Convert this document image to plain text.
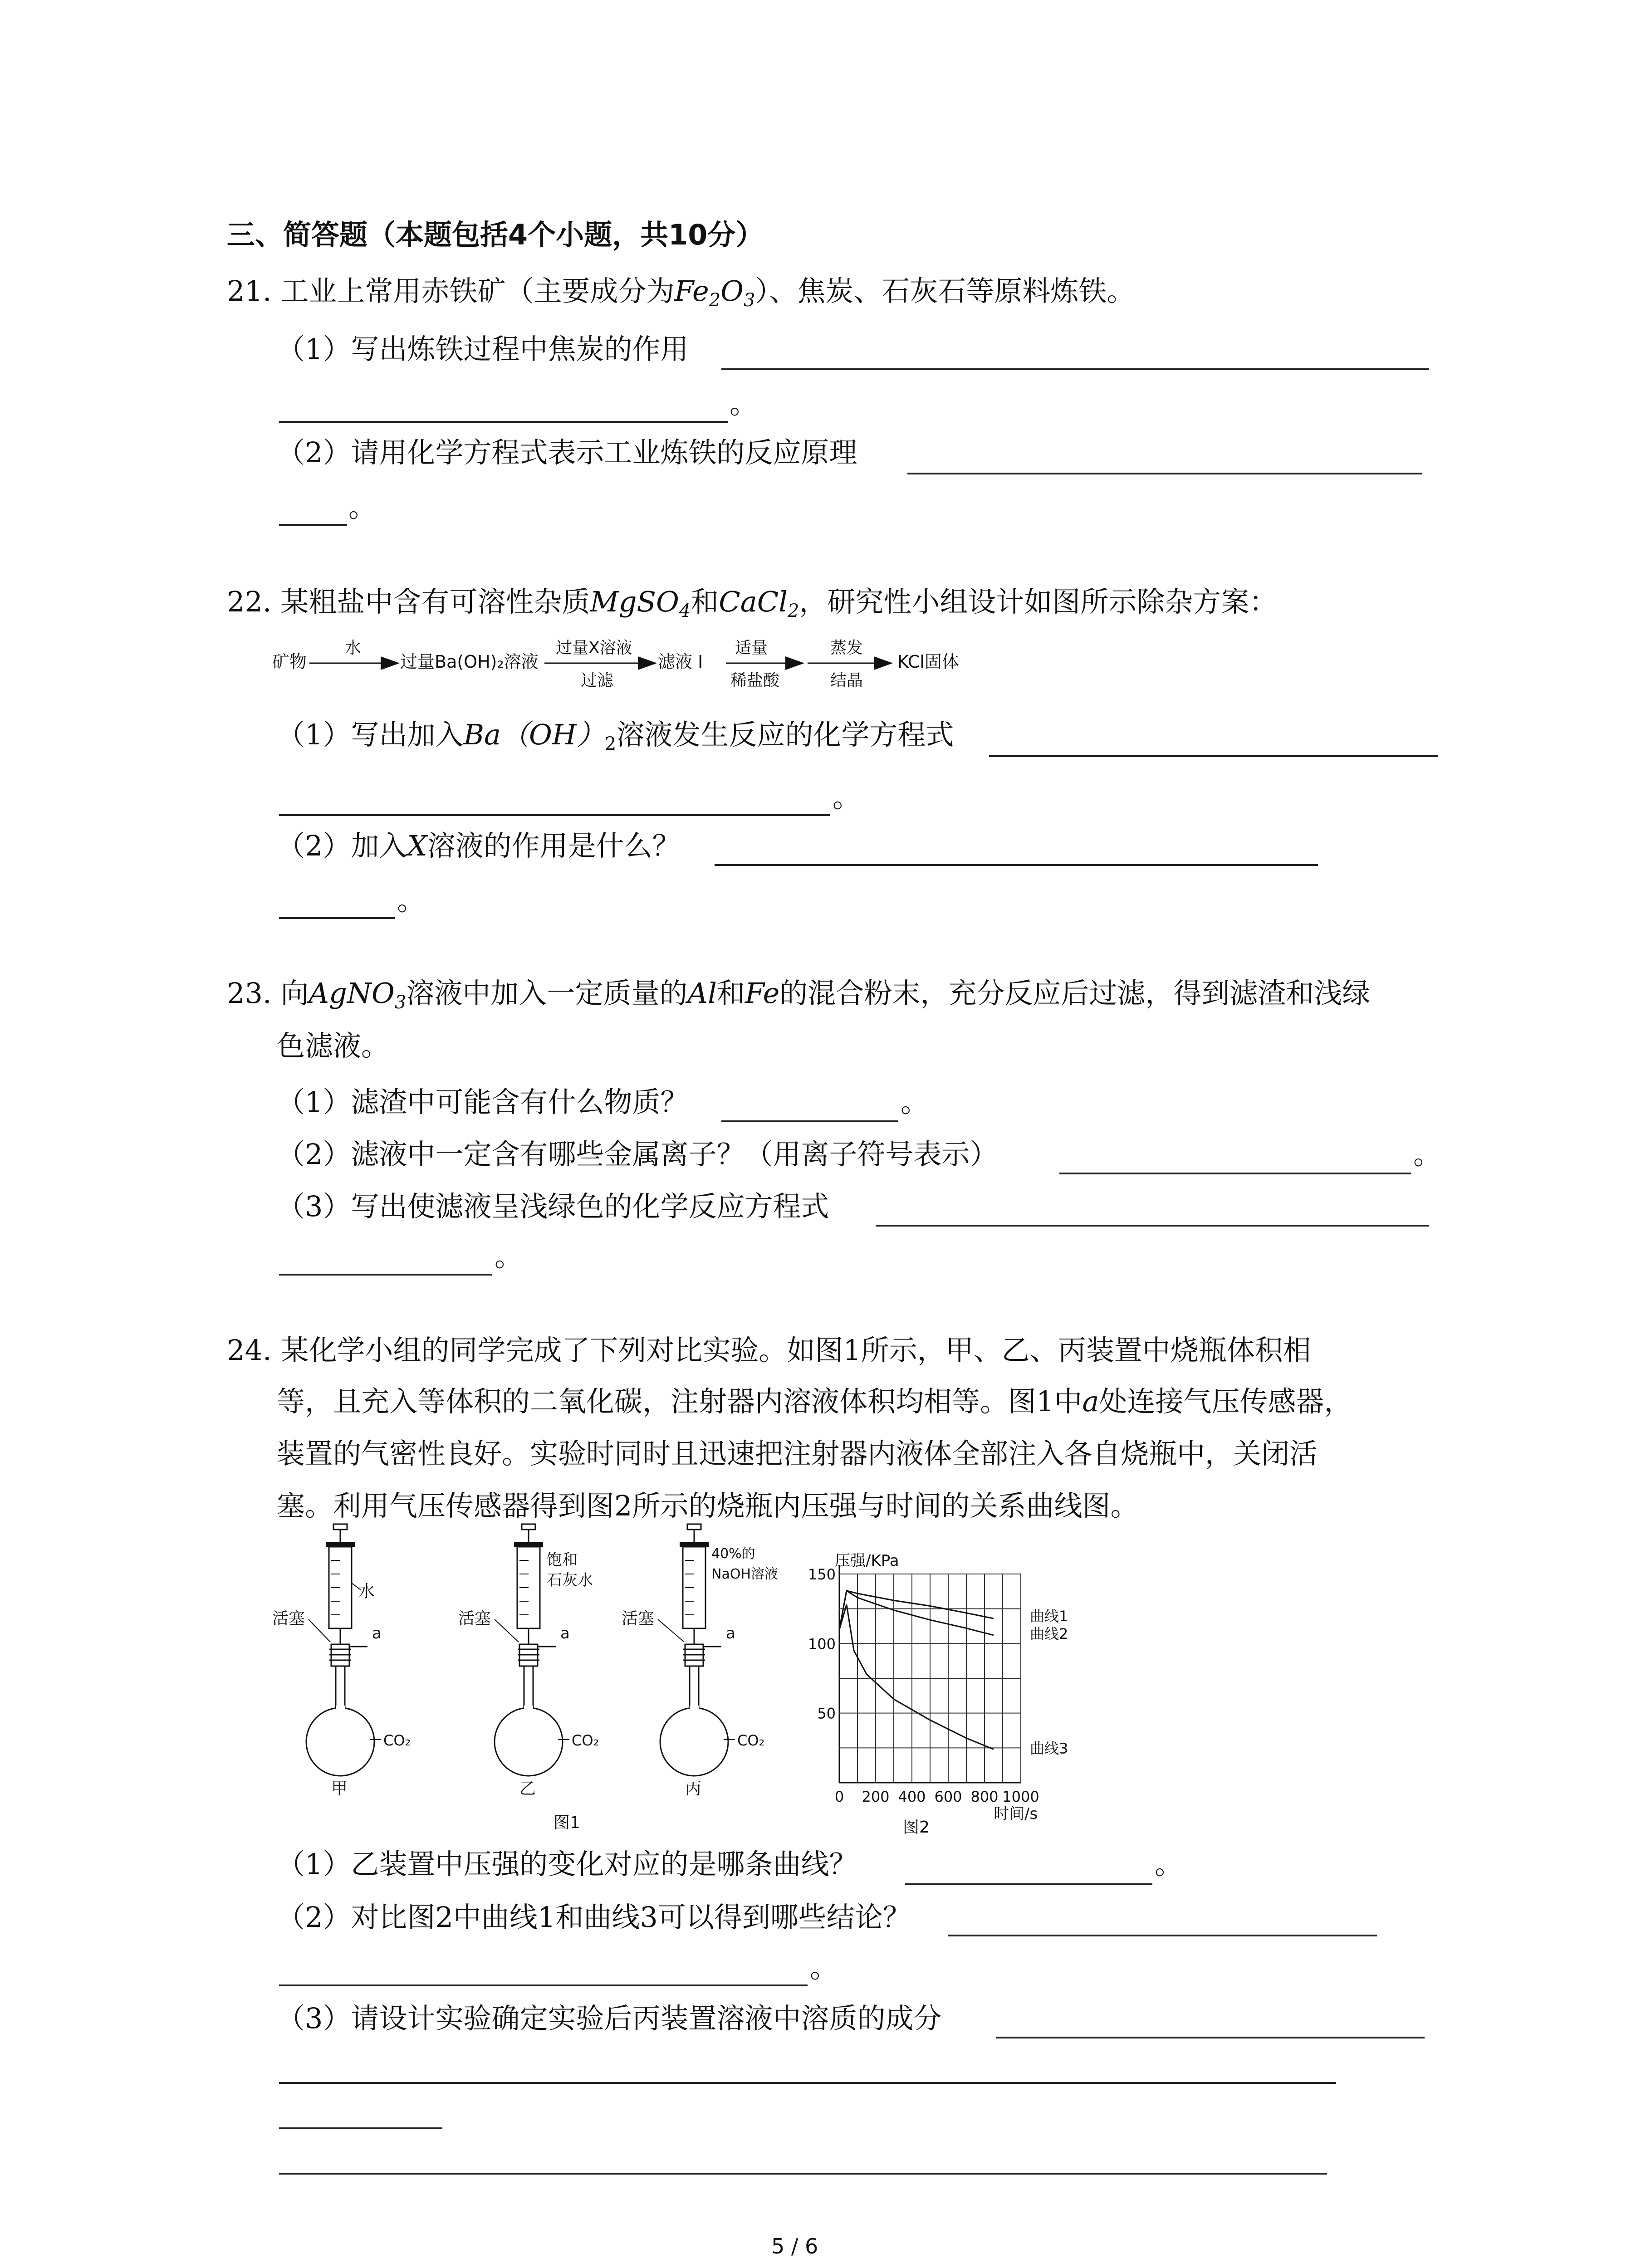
三、简答题（本题包括4个小题，共10分）
21. 工业上常用赤铁矿（主要成分为$Fe_2O_3$）、焦炭、石灰石等原料炼铁。
（1）写出炼铁过程中焦炭的作用
。
（2）请用化学方程式表示工业炼铁的反应原理
。
22. 某粗盐中含有可溶性杂质MgSO$_4$和CaCl$_2$，研究性小组设计如图所示除杂方案：
矿物
水
过量Ba(OH)₂溶液
过量X溶液
过滤
滤液 I
适量
稀盐酸
蒸发
结晶
KCl固体
（1）写出加入$Ba(OH)_2$溶液发生反应的化学方程式
。
（2）加入X溶液的作用是什么？
。
23. 向AgNO$_3$溶液中加入一定质量的Al和Fe的混合粉末，充分反应后过滤，得到滤渣和浅绿
色滤液。
（1）滤渣中可能含有什么物质？	。
（2）滤液中一定含有哪些金属离子？（用离子符号表示）	。
（3）写出使滤液呈浅绿色的化学反应方程式
。
24. 某化学小组的同学完成了下列对比实验。如图1所示，甲、乙、丙装置中烧瓶体积相
等，且充入等体积的二氧化碳，注射器内溶液体积均相等。图1中a处连接气压传感器，
装置的气密性良好。实验时同时且迅速把注射器内液体全部注入各自烧瓶中，关闭活
塞。利用气压传感器得到图2所示的烧瓶内压强与时间的关系曲线图。
水
活塞
a
CO₂
甲
饱和
石灰水
活塞
a
CO₂
乙
40%的
NaOH溶液
活塞
a
CO₂
丙
图1
0 200 400 600 800 1000
50
100
150
曲线1
曲线2
曲线3
压强/KPa
时间/s
图2
（1）乙装置中压强的变化对应的是哪条曲线？	。
（2）对比图2中曲线1和曲线3可以得到哪些结论？
。
（3）请设计实验确定实验后丙装置溶液中溶质的成分
5 / 6
